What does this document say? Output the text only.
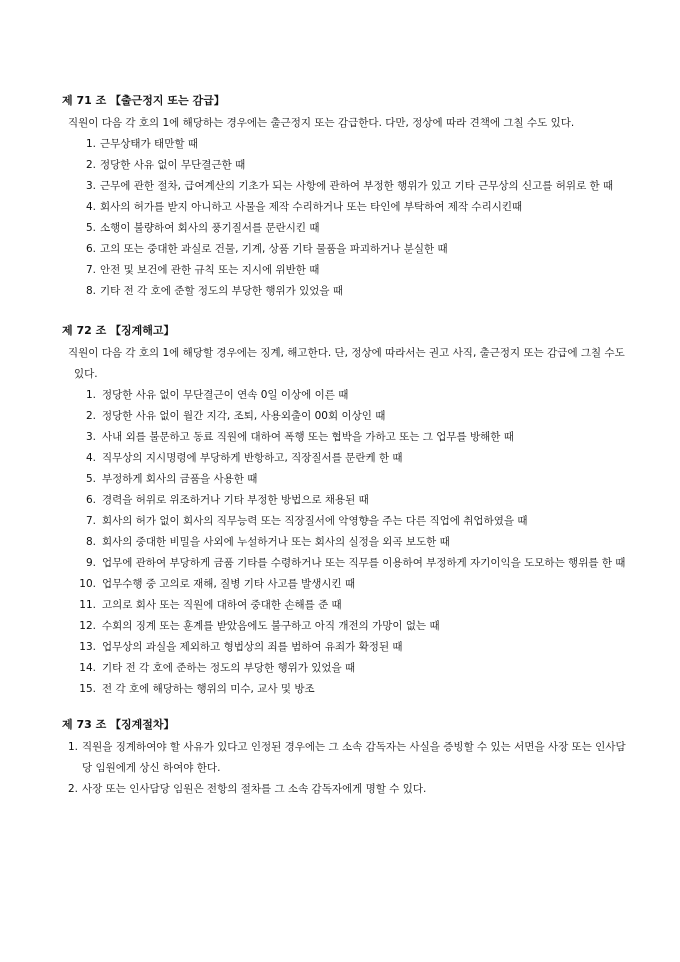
제 71 조 【출근정지 또는 감급】

직원이 다음 각 호의 1에 해당하는 경우에는 출근정지 또는 감급한다. 다만, 정상에 따라 견책에 그칠 수도 있다.

1. 근무상태가 태만할 때
2. 정당한 사유 없이 무단결근한 때
3. 근무에 관한 절차, 급여계산의 기초가 되는 사항에 관하여 부정한 행위가 있고 기타 근무상의 신고를 허위로 한 때
4. 회사의 허가를 받지 아니하고 사물을 제작 수리하거나 또는 타인에 부탁하여 제작 수리시킨때
5. 소행이 불량하여 회사의 풍기질서를 문란시킨 때
6. 고의 또는 중대한 과실로 건물, 기계, 상품 기타 물품을 파괴하거나 분실한 때
7. 안전 및 보건에 관한 규칙 또는 지시에 위반한 때
8. 기타 전 각 호에 준할 정도의 부당한 행위가 있었을 때
제 72 조 【징계해고】

직원이 다음 각 호의 1에 해당할 경우에는 징계, 해고한다. 단, 정상에 따라서는 권고 사직, 출근정지 또는 감급에 그칠 수도 있다.

1. 정당한 사유 없이 무단결근이 연속 0일 이상에 이른 때
2. 정당한 사유 없이 월간 지각, 조퇴, 사용외출이 00회 이상인 때
3. 사내 외를 불문하고 동료 직원에 대하여 폭행 또는 협박을 가하고 또는 그 업무를 방해한 때
4. 직무상의 지시명령에 부당하게 반항하고, 직장질서를 문란케 한 때
5. 부정하게 회사의 금품을 사용한 때
6. 경력을 허위로 위조하거나 기타 부정한 방법으로 채용된 때
7. 회사의 허가 없이 회사의 직무능력 또는 직장질서에 악영향을 주는 다른 직업에 취업하였을 때
8. 회사의 중대한 비밀을 사외에 누설하거나 또는 회사의 실정을 외곡 보도한 때
9. 업무에 관하여 부당하게 금품 기타를 수령하거나 또는 직무를 이용하여 부정하게 자기이익을 도모하는 행위를 한 때
10. 업무수행 중 고의로 재해, 질병 기타 사고를 발생시킨 때
11. 고의로 회사 또는 직원에 대하여 중대한 손해를 준 때
12. 수회의 징계 또는 훈계를 받았음에도 불구하고 아직 개전의 가망이 없는 때
13. 업무상의 과실을 제외하고 형법상의 죄를 범하여 유죄가 확정된 때
14. 기타 전 각 호에 준하는 정도의 부당한 행위가 있었을 때
15. 전 각 호에 해당하는 행위의 미수, 교사 및 방조
제 73 조 【징계절차】
1. 직원을 징계하여야 할 사유가 있다고 인정된 경우에는 그 소속 감독자는 사실을 증빙할 수 있는 서면을 사장 또는 인사담당 임원에게 상신 하여야 한다.
2. 사장 또는 인사담당 임원은 전항의 절차를 그 소속 감독자에게 명할 수 있다.
